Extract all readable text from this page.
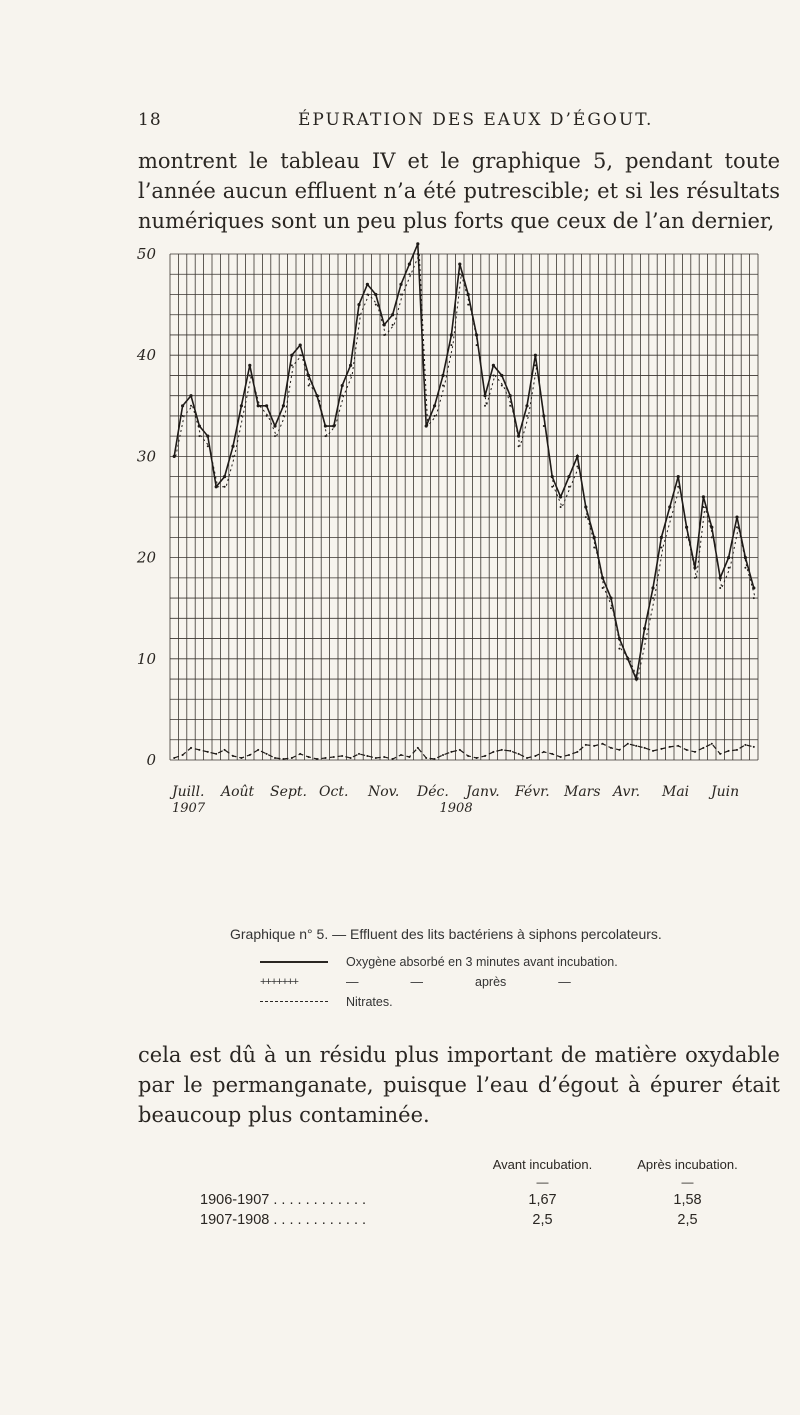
18	ÉPURATION DES EAUX D’ÉGOUT.
montrent le tableau IV et le graphique 5, pendant toute
l’année aucun effluent n’a été putrescible; et si les résultats
numériques sont un peu plus forts que ceux de l’an dernier,
0
10
20
30
40
50
Juill. Août Sept. Oct. Nov. Déc. Janv. Févr. Mars Avr. Mai Juin
1907	1908
Graphique n° 5. — Effluent des lits bactériens à siphons percolateurs.
Oxygène absorbé en 3 minutes avant incubation.
+++++++	—	—	après	—
Nitrates.
cela est dû à un résidu plus important de matière oxydable
par le permanganate, puisque l’eau d’égout à épurer était
beaucoup plus contaminée.
	Avant incubation.	Après incubation.
	—	—
1906-1907 . . . . . . . . . . . .	1,67	1,58
1907-1908 . . . . . . . . . . . .	2,5	2,5
